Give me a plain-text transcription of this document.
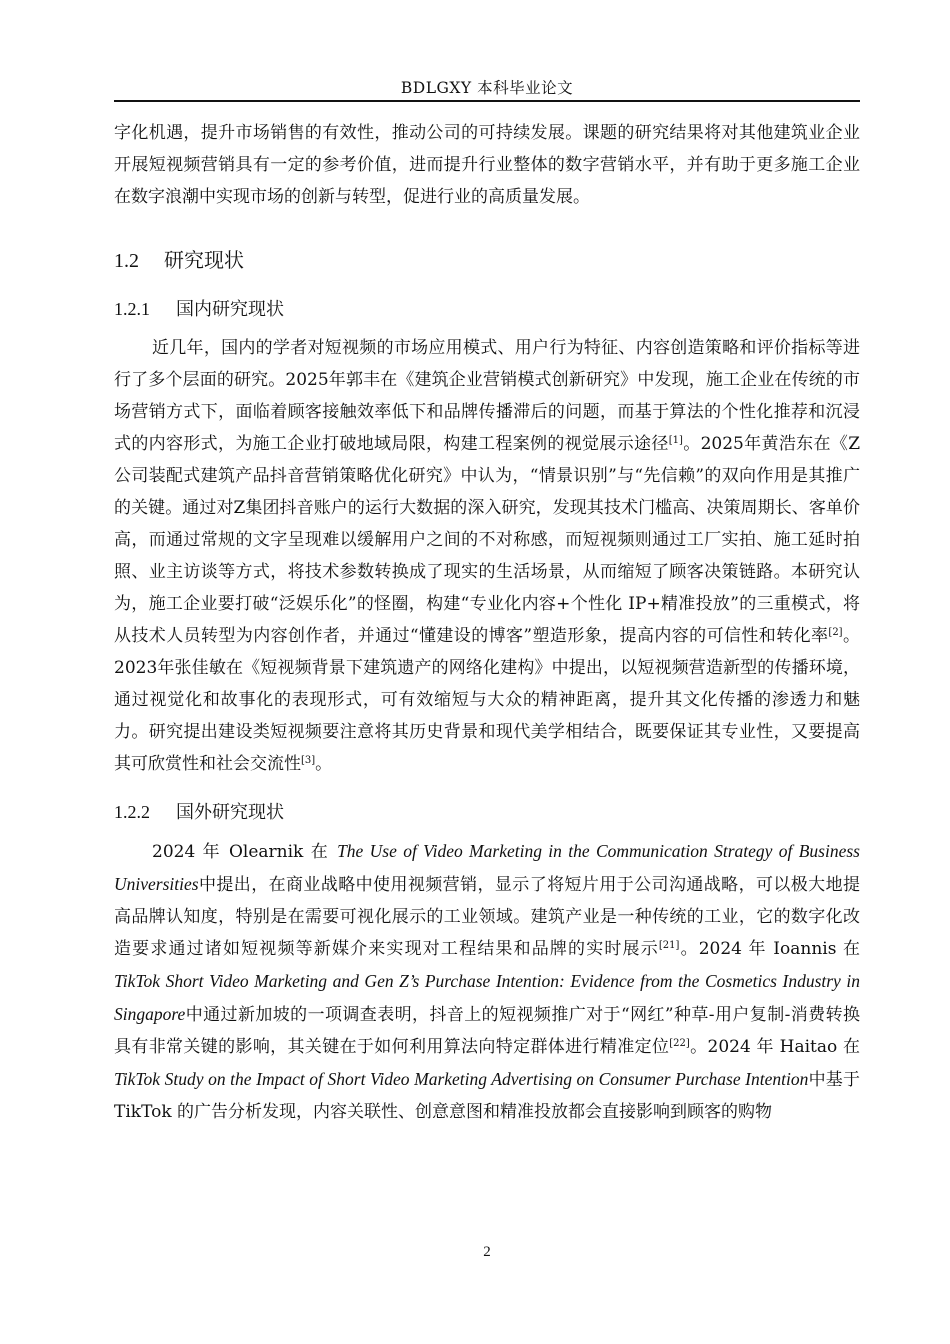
BDLGXY 本科毕业论文

字化机遇，提升市场销售的有效性，推动公司的可持续发展。课题的研究结果将对其他建筑业企业开展短视频营销具有一定的参考价值，进而提升行业整体的数字营销水平，并有助于更多施工企业在数字浪潮中实现市场的创新与转型，促进行业的高质量发展。

1.2 研究现状
1.2.1 国内研究现状

近几年，国内的学者对短视频的市场应用模式、用户行为特征、内容创造策略和评价指标等进行了多个层面的研究。2025年郭丰在《建筑企业营销模式创新研究》中发现，施工企业在传统的市场营销方式下，面临着顾客接触效率低下和品牌传播滞后的问题，而基于算法的个性化推荐和沉浸式的内容形式，为施工企业打破地域局限，构建工程案例的视觉展示途径[1]。2025年黄浩东在《Z公司装配式建筑产品抖音营销策略优化研究》中认为，“情景识别”与“先信赖”的双向作用是其推广的关键。通过对Z集团抖音账户的运行大数据的深入研究，发现其技术门槛高、决策周期长、客单价高，而通过常规的文字呈现难以缓解用户之间的不对称感，而短视频则通过工厂实拍、施工延时拍照、业主访谈等方式，将技术参数转换成了现实的生活场景，从而缩短了顾客决策链路。本研究认为，施工企业要打破“泛娱乐化”的怪圈，构建“专业化内容+个性化 IP+精准投放”的三重模式，将从技术人员转型为内容创作者，并通过“懂建设的博客”塑造形象，提高内容的可信性和转化率[2]。2023年张佳敏在《短视频背景下建筑遗产的网络化建构》中提出，以短视频营造新型的传播环境，通过视觉化和故事化的表现形式，可有效缩短与大众的精神距离，提升其文化传播的渗透力和魅力。研究提出建设类短视频要注意将其历史背景和现代美学相结合，既要保证其专业性，又要提高其可欣赏性和社会交流性[3]。

1.2.2 国外研究现状

2024 年 Olearnik 在 The Use of Video Marketing in the Communication Strategy of Business Universities中提出，在商业战略中使用视频营销，显示了将短片用于公司沟通战略，可以极大地提高品牌认知度，特别是在需要可视化展示的工业领域。建筑产业是一种传统的工业，它的数字化改造要求通过诸如短视频等新媒介来实现对工程结果和品牌的实时展示[21]。2024 年 Ioannis 在 TikTok Short Video Marketing and Gen Z’s Purchase Intention: Evidence from the Cosmetics Industry in Singapore中通过新加坡的一项调查表明，抖音上的短视频推广对于“网红”种草-用户复制-消费转换具有非常关键的影响，其关键在于如何利用算法向特定群体进行精准定位[22]。2024 年 Haitao 在 TikTok Study on the Impact of Short Video Marketing Advertising on Consumer Purchase Intention中基于 TikTok 的广告分析发现，内容关联性、创意意图和精准投放都会直接影响到顾客的购物

2
